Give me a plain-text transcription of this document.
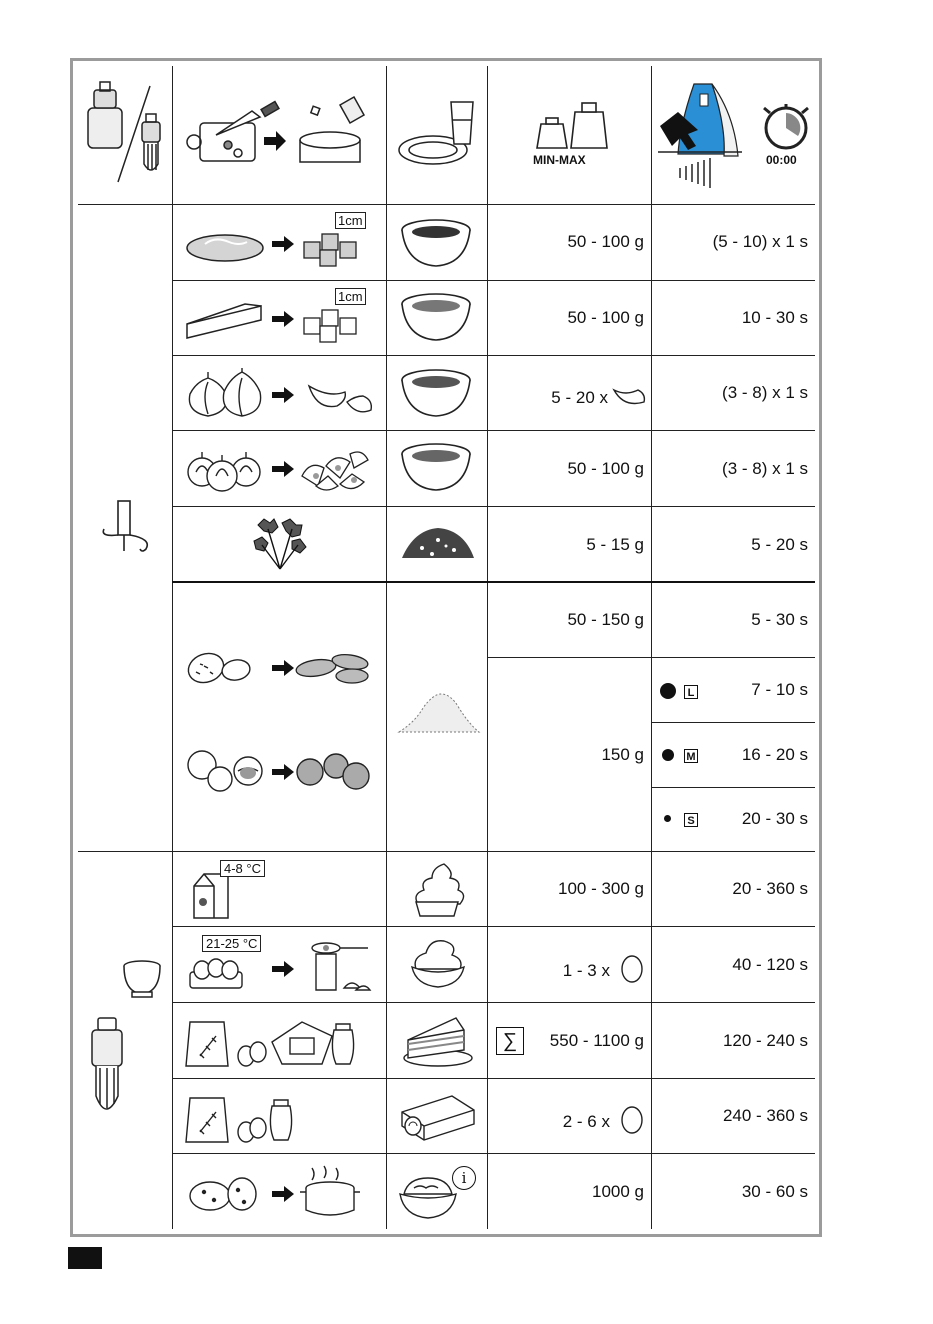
MIN-MAX	00:00
1cm
50 - 100 g	(5 - 10) x 1 s
1cm
50 - 100 g	10 - 30 s
5 - 20 x	(3 - 8) x 1 s
50 - 100 g	(3 - 8) x 1 s
5 - 15 g	5 - 20 s
50 - 150 g	5 - 30 s
150 g
L	7 - 10 s
M	16 - 20 s
S	20 - 30 s
4-8 °C
100 - 300 g	20 - 360 s
21-25 °C
1 - 3 x	40 - 120 s
∑	550 - 1100 g	120 - 240 s
2 - 6 x	240 - 360 s
i
1000 g	30 - 60 s
